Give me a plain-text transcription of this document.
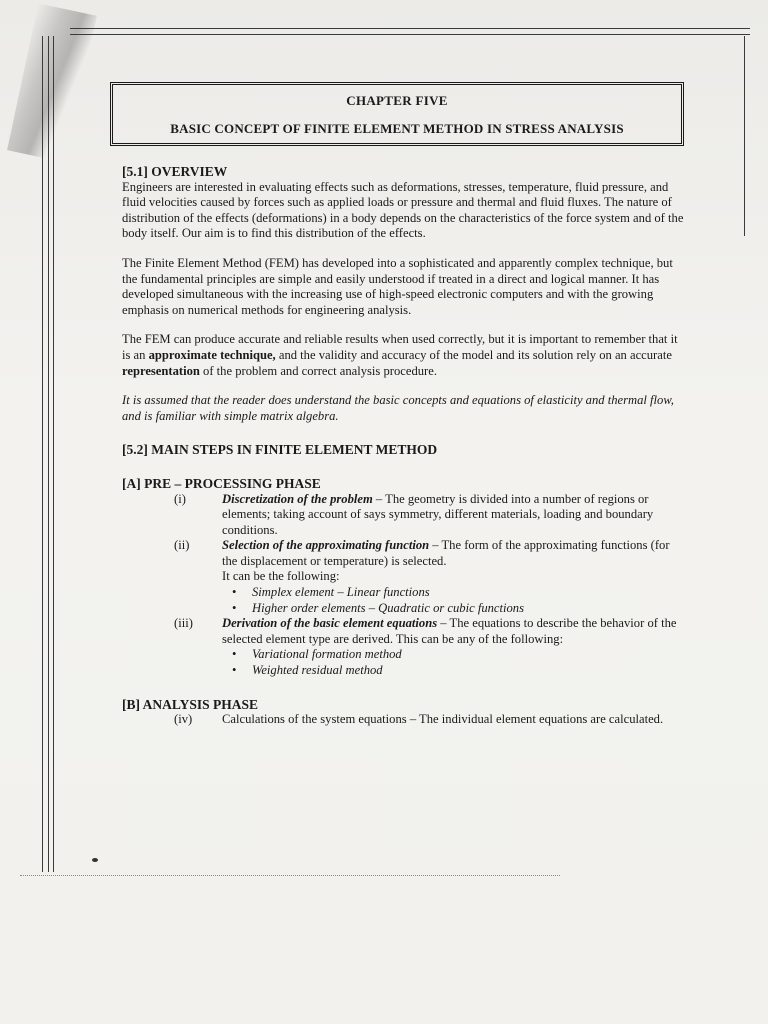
CHAPTER FIVE
BASIC CONCEPT OF FINITE ELEMENT METHOD IN STRESS ANALYSIS
[5.1] OVERVIEW

Engineers are interested in evaluating effects such as deformations, stresses, temperature, fluid pressure, and fluid velocities caused by forces such as applied loads or pressure and thermal and fluid fluxes. The nature of distribution of the effects (deformations) in a body depends on the characteristics of the force system and of the body itself. Our aim is to find this distribution of the effects.

The Finite Element Method (FEM) has developed into a sophisticated and apparently complex technique, but the fundamental principles are simple and easily understood if treated in a direct and logical manner. It has developed simultaneous with the increasing use of high-speed electronic computers and with the growing emphasis on numerical methods for engineering analysis.

The FEM can produce accurate and reliable results when used correctly, but it is important to remember that it is an approximate technique, and the validity and accuracy of the model and its solution rely on an accurate representation of the problem and correct analysis procedure.

It is assumed that the reader does understand the basic concepts and equations of elasticity and thermal flow, and is familiar with simple matrix algebra.

[5.2] MAIN STEPS IN FINITE ELEMENT METHOD
[A] PRE – PROCESSING PHASE
(i)	Discretization of the problem – The geometry is divided into a number of regions or elements; taking account of says symmetry, different materials, loading and boundary conditions.
(ii)	Selection of the approximating function – The form of the approximating functions (for the displacement or temperature) is selected.
It can be the following:
•	Simplex element – Linear functions
•	Higher order elements – Quadratic or cubic functions
(iii)	Derivation of the basic element equations – The equations to describe the behavior of the selected element type are derived. This can be any of the following:
•	Variational formation method
•	Weighted residual method
[B] ANALYSIS PHASE
(iv)	Calculations of the system equations – The individual element equations are calculated.
